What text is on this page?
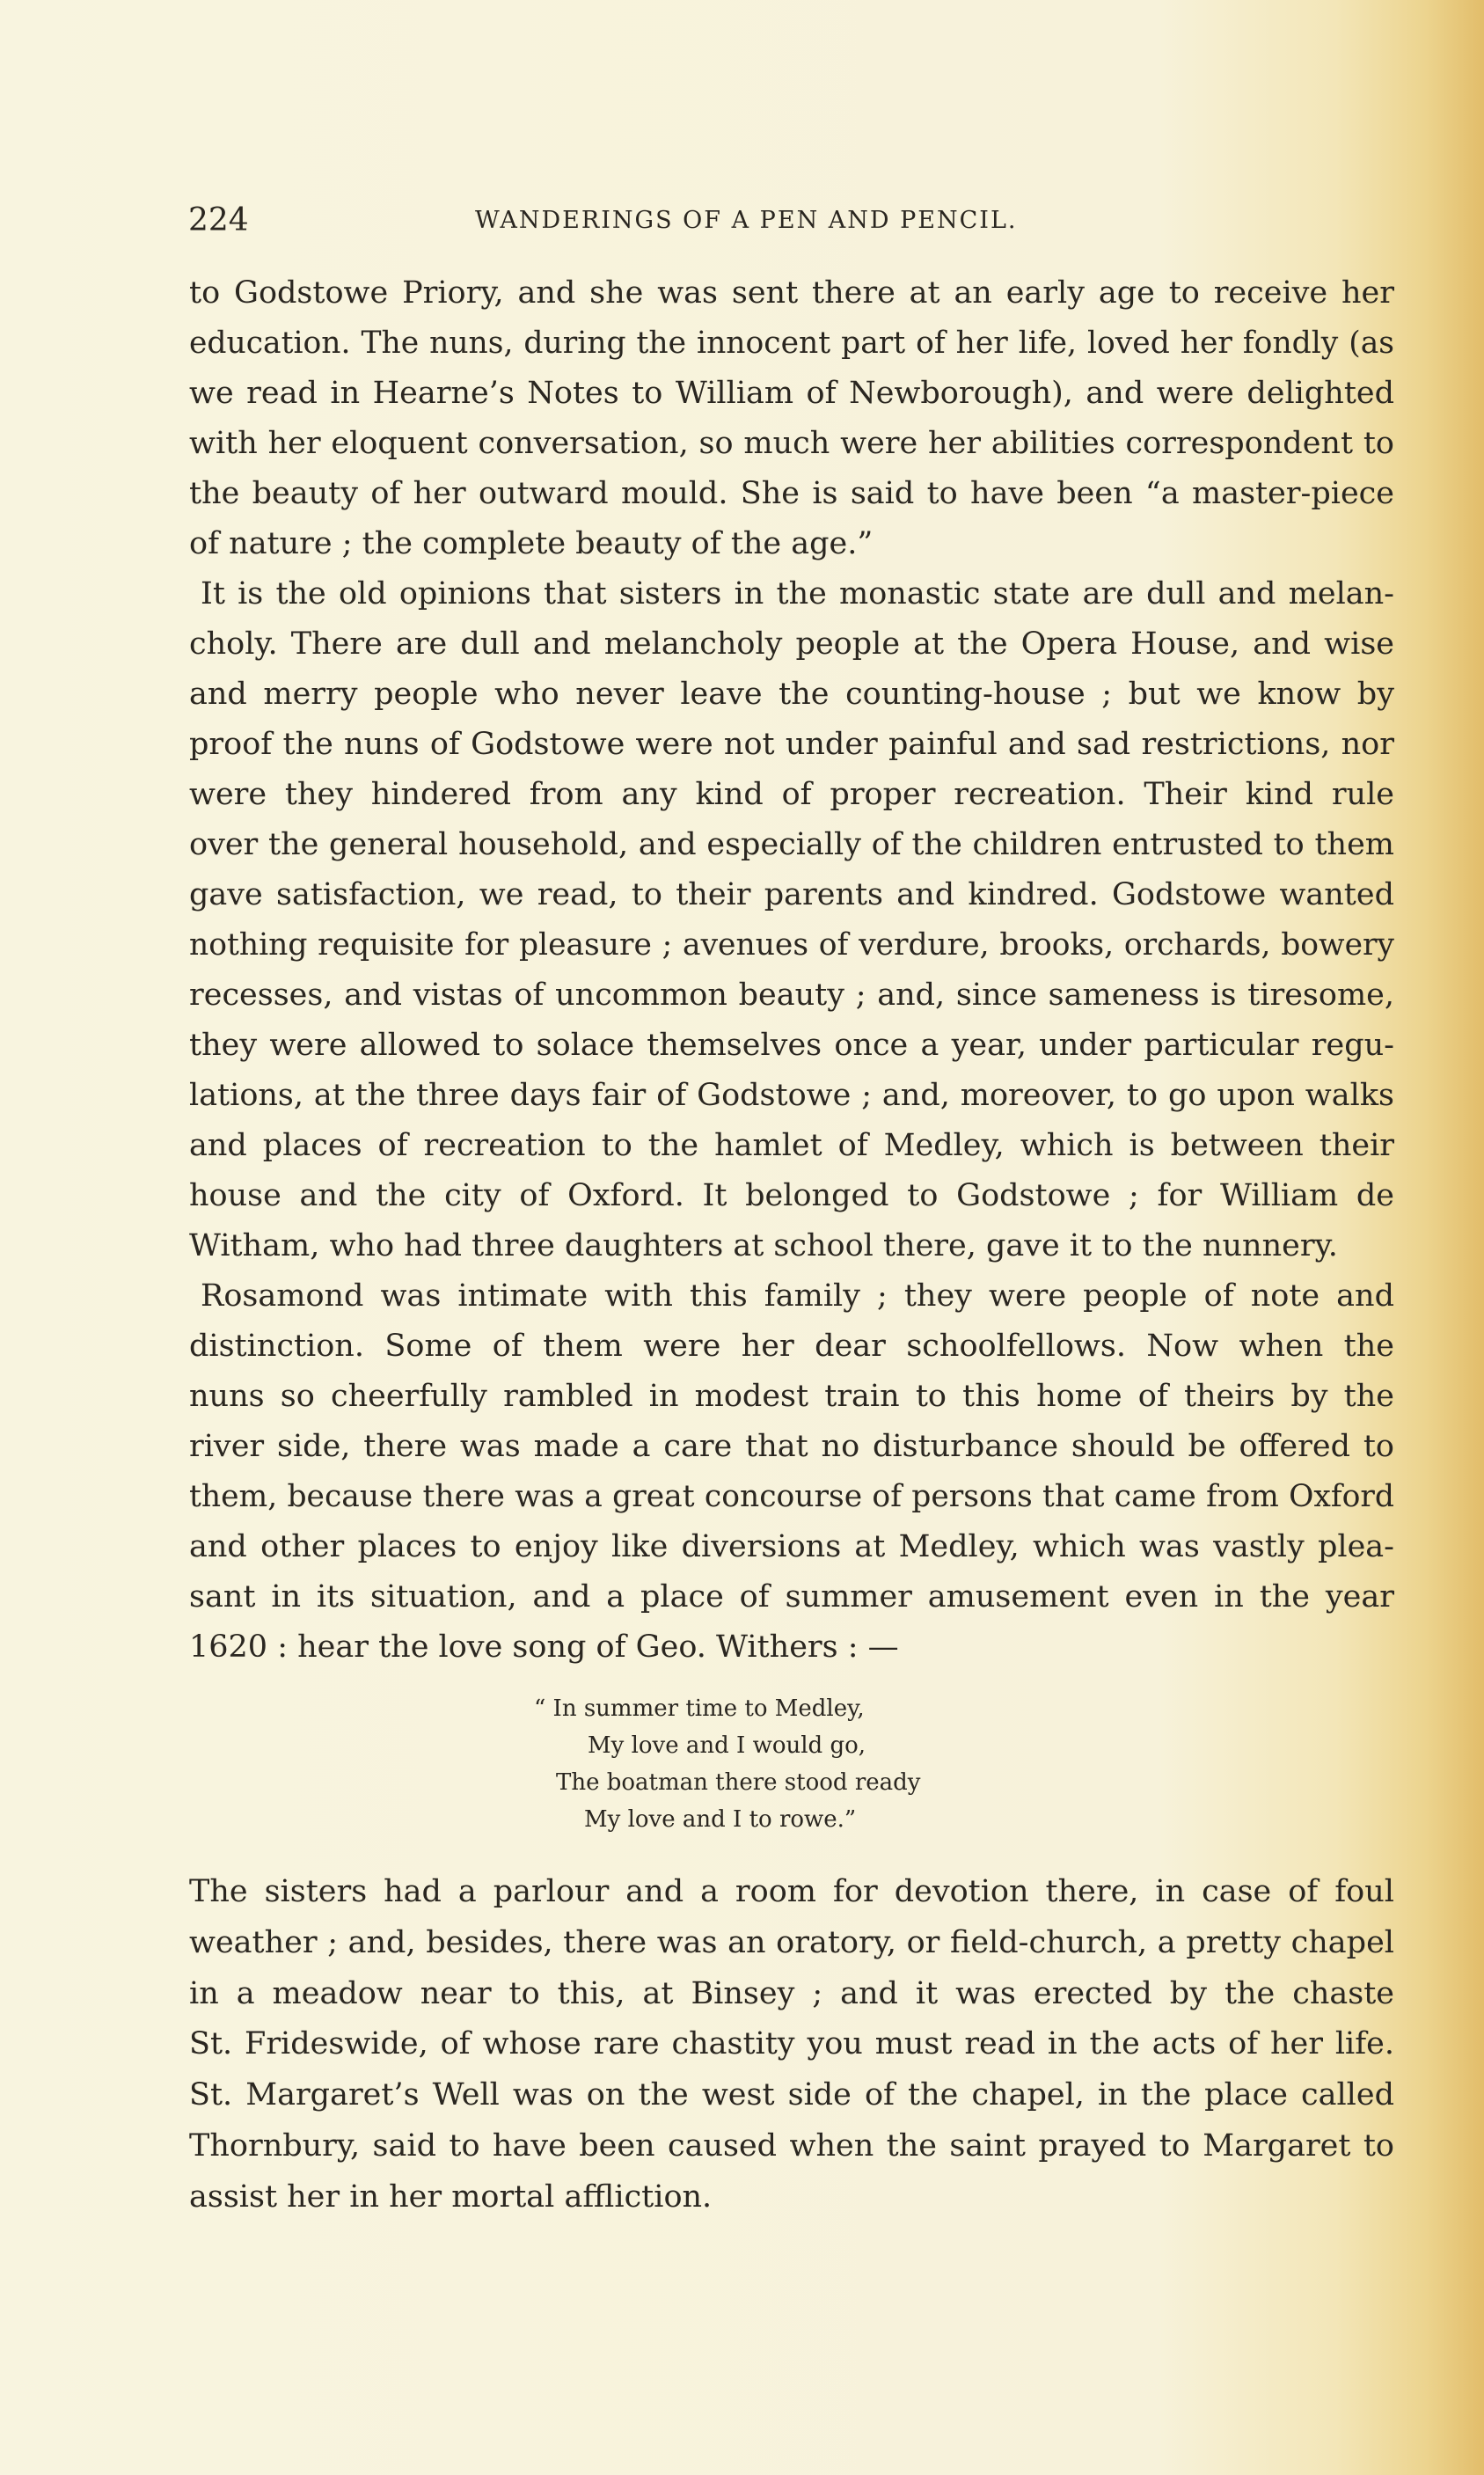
224	WANDERINGS OF A PEN AND PENCIL.
to Godstowe Priory, and she was sent there at an early age to receive her
education. The nuns, during the innocent part of her life, loved her fondly (as
we read in Hearne’s Notes to William of Newborough), and were delighted
with her eloquent conversation, so much were her abilities correspondent to
the beauty of her outward mould. She is said to have been “a master-piece
of nature ; the complete beauty of the age.”
It is the old opinions that sisters in the monastic state are dull and melan-
choly. There are dull and melancholy people at the Opera House, and wise
and merry people who never leave the counting-house ; but we know by
proof the nuns of Godstowe were not under painful and sad restrictions, nor
were they hindered from any kind of proper recreation. Their kind rule
over the general household, and especially of the children entrusted to them
gave satisfaction, we read, to their parents and kindred. Godstowe wanted
nothing requisite for pleasure ; avenues of verdure, brooks, orchards, bowery
recesses, and vistas of uncommon beauty ; and, since sameness is tiresome,
they were allowed to solace themselves once a year, under particular regu-
lations, at the three days fair of Godstowe ; and, moreover, to go upon walks
and places of recreation to the hamlet of Medley, which is between their
house and the city of Oxford. It belonged to Godstowe ; for William de
Witham, who had three daughters at school there, gave it to the nunnery.
Rosamond was intimate with this family ; they were people of note and
distinction. Some of them were her dear schoolfellows. Now when the
nuns so cheerfully rambled in modest train to this home of theirs by the
river side, there was made a care that no disturbance should be offered to
them, because there was a great concourse of persons that came from Oxford
and other places to enjoy like diversions at Medley, which was vastly plea-
sant in its situation, and a place of summer amusement even in the year
1620 : hear the love song of Geo. Withers : —
“ In summer time to Medley,
My love and I would go,
The boatman there stood ready
My love and I to rowe.”
The sisters had a parlour and a room for devotion there, in case of foul
weather ; and, besides, there was an oratory, or field-church, a pretty chapel
in a meadow near to this, at Binsey ; and it was erected by the chaste
St. Frideswide, of whose rare chastity you must read in the acts of her life.
St. Margaret’s Well was on the west side of the chapel, in the place called
Thornbury, said to have been caused when the saint prayed to Margaret to
assist her in her mortal affliction.
